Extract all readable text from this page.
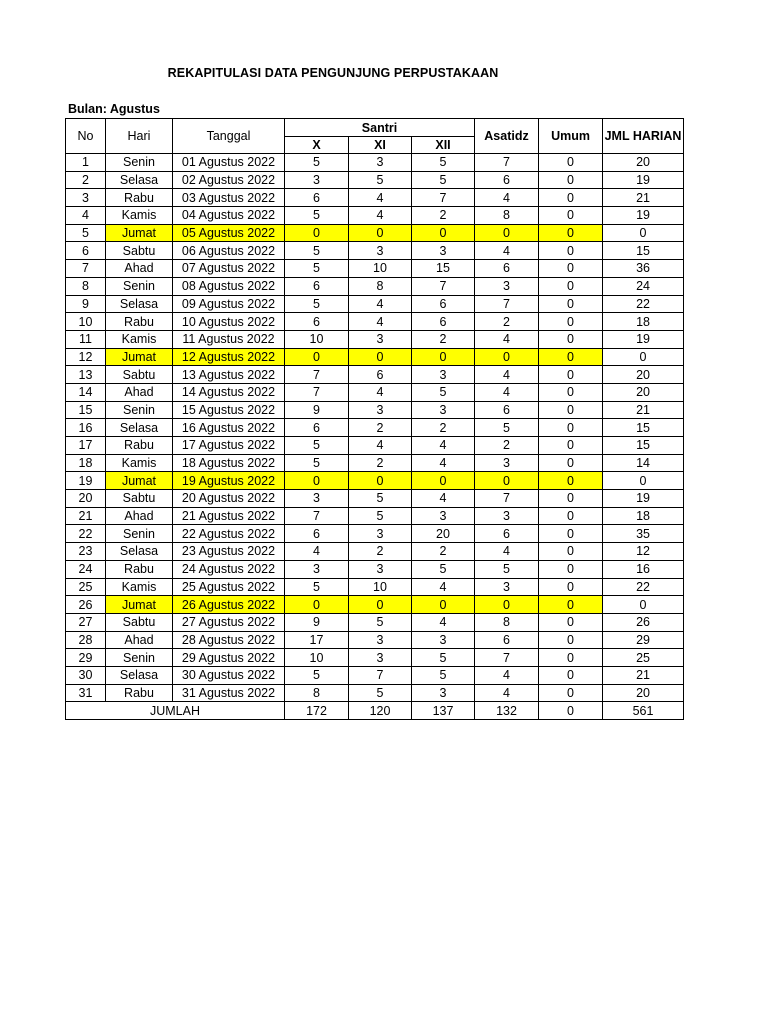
REKAPITULASI DATA PENGUNJUNG PERPUSTAKAAN
Bulan: Agustus
No	Hari	Tanggal	Santri			Asatidz	Umum	JML HARIAN
			X	XI	XII			
1	Senin	01 Agustus 2022	5	3	5	7	0	20
2	Selasa	02 Agustus 2022	3	5	5	6	0	19
3	Rabu	03 Agustus 2022	6	4	7	4	0	21
4	Kamis	04 Agustus 2022	5	4	2	8	0	19
5	Jumat	05 Agustus 2022	0	0	0	0	0	0
6	Sabtu	06 Agustus 2022	5	3	3	4	0	15
7	Ahad	07 Agustus 2022	5	10	15	6	0	36
8	Senin	08 Agustus 2022	6	8	7	3	0	24
9	Selasa	09 Agustus 2022	5	4	6	7	0	22
10	Rabu	10 Agustus 2022	6	4	6	2	0	18
11	Kamis	11 Agustus 2022	10	3	2	4	0	19
12	Jumat	12 Agustus 2022	0	0	0	0	0	0
13	Sabtu	13 Agustus 2022	7	6	3	4	0	20
14	Ahad	14 Agustus 2022	7	4	5	4	0	20
15	Senin	15 Agustus 2022	9	3	3	6	0	21
16	Selasa	16 Agustus 2022	6	2	2	5	0	15
17	Rabu	17 Agustus 2022	5	4	4	2	0	15
18	Kamis	18 Agustus 2022	5	2	4	3	0	14
19	Jumat	19 Agustus 2022	0	0	0	0	0	0
20	Sabtu	20 Agustus 2022	3	5	4	7	0	19
21	Ahad	21 Agustus 2022	7	5	3	3	0	18
22	Senin	22 Agustus 2022	6	3	20	6	0	35
23	Selasa	23 Agustus 2022	4	2	2	4	0	12
24	Rabu	24 Agustus 2022	3	3	5	5	0	16
25	Kamis	25 Agustus 2022	5	10	4	3	0	22
26	Jumat	26 Agustus 2022	0	0	0	0	0	0
27	Sabtu	27 Agustus 2022	9	5	4	8	0	26
28	Ahad	28 Agustus 2022	17	3	3	6	0	29
29	Senin	29 Agustus 2022	10	3	5	7	0	25
30	Selasa	30 Agustus 2022	5	7	5	4	0	21
31	Rabu	31 Agustus 2022	8	5	3	4	0	20
JUMLAH			172	120	137	132	0	561
